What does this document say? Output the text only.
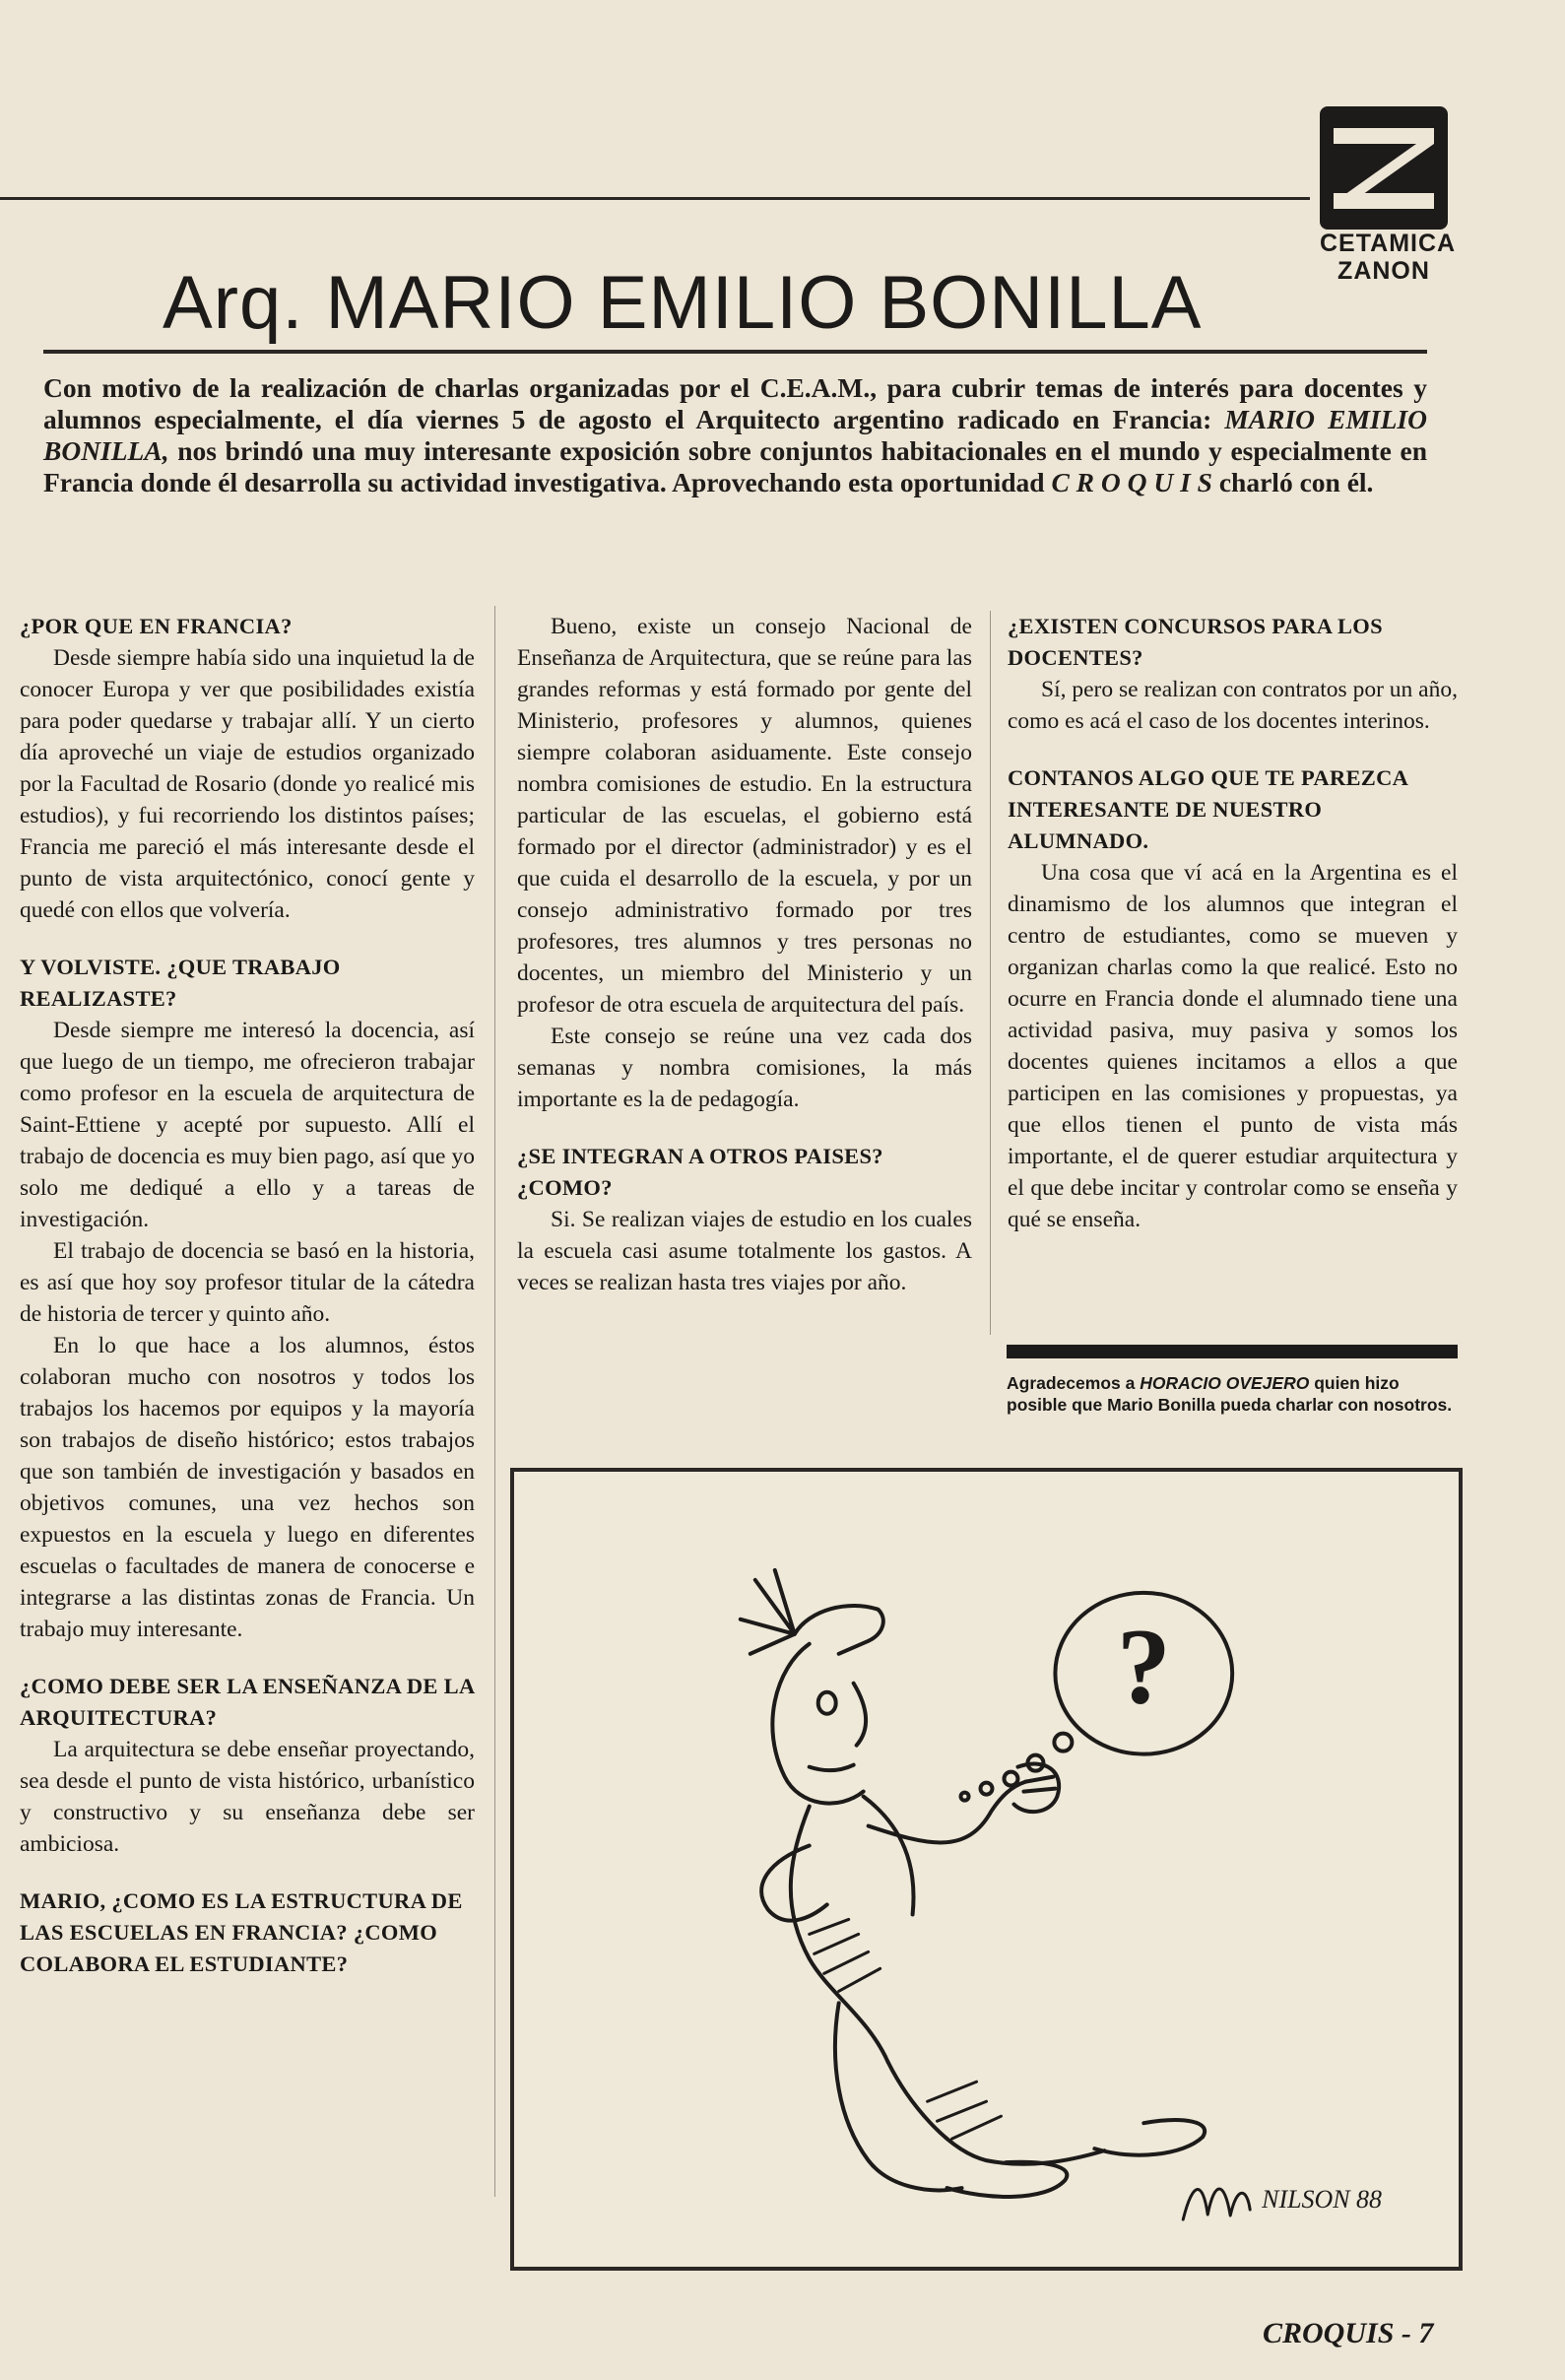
CETAMICA
ZANON
Arq. MARIO EMILIO BONILLA

Con motivo de la realización de charlas organizadas por el C.E.A.M., para cubrir temas de interés para docentes y alumnos especialmente, el día viernes 5 de agosto el Arquitecto argentino radicado en Francia: MARIO EMILIO BONILLA, nos brindó una muy interesante exposición sobre conjuntos habitacionales en el mundo y especialmente en Francia donde él desarrolla su actividad investigativa. Aprovechando esta oportunidad C R O Q U I S charló con él.

¿POR QUE EN FRANCIA?

Desde siempre había sido una inquietud la de conocer Europa y ver que posibilidades existía para poder quedarse y trabajar allí. Y un cierto día aproveché un viaje de estudios organizado por la Facultad de Rosario (donde yo realicé mis estudios), y fui recorriendo los distintos países; Francia me pareció el más interesante desde el punto de vista arquitectónico, conocí gente y quedé con ellos que volvería.

Y VOLVISTE. ¿QUE TRABAJO REALIZASTE?

Desde siempre me interesó la docencia, así que luego de un tiempo, me ofrecieron trabajar como profesor en la escuela de arquitectura de Saint-Ettiene y acepté por supuesto. Allí el trabajo de docencia es muy bien pago, así que yo solo me dediqué a ello y a tareas de investigación.

El trabajo de docencia se basó en la historia, es así que hoy soy profesor titular de la cátedra de historia de tercer y quinto año.

En lo que hace a los alumnos, éstos colaboran mucho con nosotros y todos los trabajos los hacemos por equipos y la mayoría son trabajos de diseño histórico; estos trabajos que son también de investigación y basados en objetivos comunes, una vez hechos son expuestos en la escuela y luego en diferentes escuelas o facultades de manera de conocerse e integrarse a las distintas zonas de Francia. Un trabajo muy interesante.

¿COMO DEBE SER LA ENSEÑANZA DE LA ARQUITECTURA?

La arquitectura se debe enseñar proyectando, sea desde el punto de vista histórico, urbanístico y constructivo y su enseñanza debe ser ambiciosa.

MARIO, ¿COMO ES LA ESTRUCTURA DE LAS ESCUELAS EN FRANCIA? ¿COMO COLABORA EL ESTUDIANTE?

Bueno, existe un consejo Nacional de Enseñanza de Arquitectura, que se reúne para las grandes reformas y está formado por gente del Ministerio, profesores y alumnos, quienes siempre colaboran asiduamente. Este consejo nombra comisiones de estudio. En la estructura particular de las escuelas, el gobierno está formado por el director (administrador) y es el que cuida el desarrollo de la escuela, y por un consejo administrativo formado por tres profesores, tres alumnos y tres personas no docentes, un miembro del Ministerio y un profesor de otra escuela de arquitectura del país.

Este consejo se reúne una vez cada dos semanas y nombra comisiones, la más importante es la de pedagogía.

¿SE INTEGRAN A OTROS PAISES? ¿COMO?

Si. Se realizan viajes de estudio en los cuales la escuela casi asume totalmente los gastos. A veces se realizan hasta tres viajes por año.

¿EXISTEN CONCURSOS PARA LOS DOCENTES?

Sí, pero se realizan con contratos por un año, como es acá el caso de los docentes interinos.

CONTANOS ALGO QUE TE PAREZCA INTERESANTE DE NUESTRO ALUMNADO.

Una cosa que ví acá en la Argentina es el dinamismo de los alumnos que integran el centro de estudiantes, como se mueven y organizan charlas como la que realicé. Esto no ocurre en Francia donde el alumnado tiene una actividad pasiva, muy pasiva y somos los docentes quienes incitamos a ellos a que participen en las comisiones y propuestas, ya que ellos tienen el punto de vista más importante, el de querer estudiar arquitectura y el que debe incitar y controlar como se enseña y qué se enseña.

Agradecemos a HORACIO OVEJERO quien hizo posible que Mario Bonilla pueda charlar con nosotros.

?
NILSON 88

CROQUIS - 7
